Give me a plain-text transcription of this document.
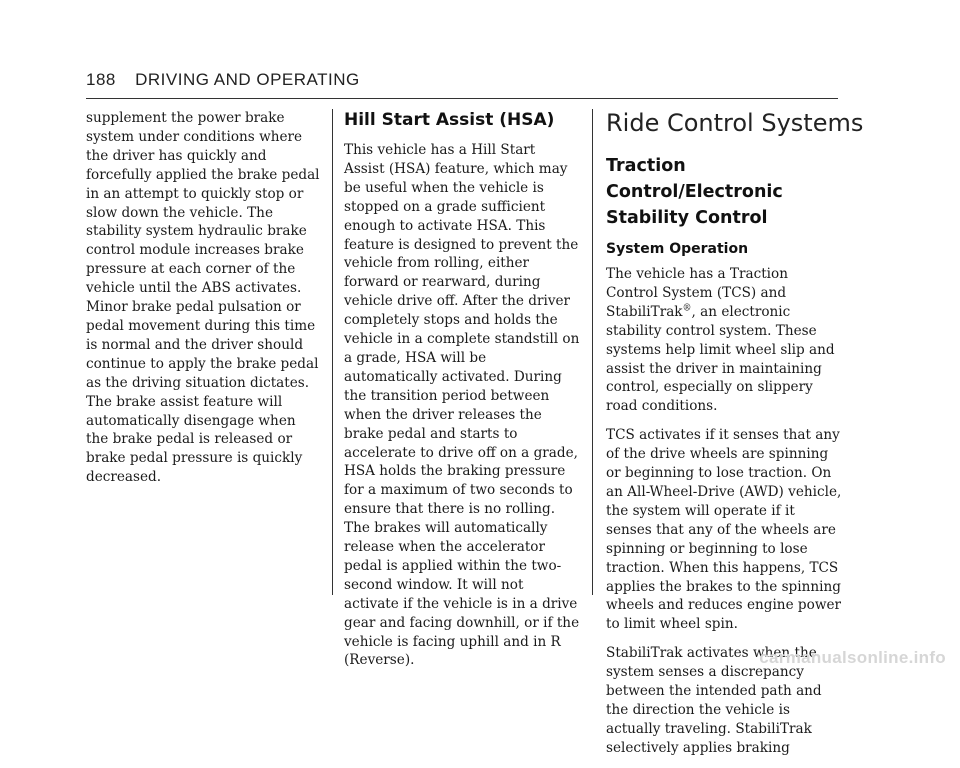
188 DRIVING AND OPERATING

supplement the power brake system under conditions where the driver has quickly and forcefully applied the brake pedal in an attempt to quickly stop or slow down the vehicle. The stability system hydraulic brake control module increases brake pressure at each corner of the vehicle until the ABS activates. Minor brake pedal pulsation or pedal movement during this time is normal and the driver should continue to apply the brake pedal as the driving situation dictates. The brake assist feature will automatically disengage when the brake pedal is released or brake pedal pressure is quickly decreased.

Hill Start Assist (HSA)

This vehicle has a Hill Start Assist (HSA) feature, which may be useful when the vehicle is stopped on a grade sufficient enough to activate HSA. This feature is designed to prevent the vehicle from rolling, either forward or rearward, during vehicle drive off. After the driver completely stops and holds the vehicle in a complete standstill on a grade, HSA will be automatically activated. During the transition period between when the driver releases the brake pedal and starts to accelerate to drive off on a grade, HSA holds the braking pressure for a maximum of two seconds to ensure that there is no rolling. The brakes will automatically release when the accelerator pedal is applied within the two-second window. It will not activate if the vehicle is in a drive gear and facing downhill, or if the vehicle is facing uphill and in R (Reverse).

Ride Control Systems
Traction Control/Electronic Stability Control
System Operation

The vehicle has a Traction Control System (TCS) and StabiliTrak®, an electronic stability control system. These systems help limit wheel slip and assist the driver in maintaining control, especially on slippery road conditions.

TCS activates if it senses that any of the drive wheels are spinning or beginning to lose traction. On an All-Wheel-Drive (AWD) vehicle, the system will operate if it senses that any of the wheels are spinning or beginning to lose traction. When this happens, TCS applies the brakes to the spinning wheels and reduces engine power to limit wheel spin.

StabiliTrak activates when the system senses a discrepancy between the intended path and the direction the vehicle is actually traveling. StabiliTrak selectively applies braking

carmanualsonline.info
